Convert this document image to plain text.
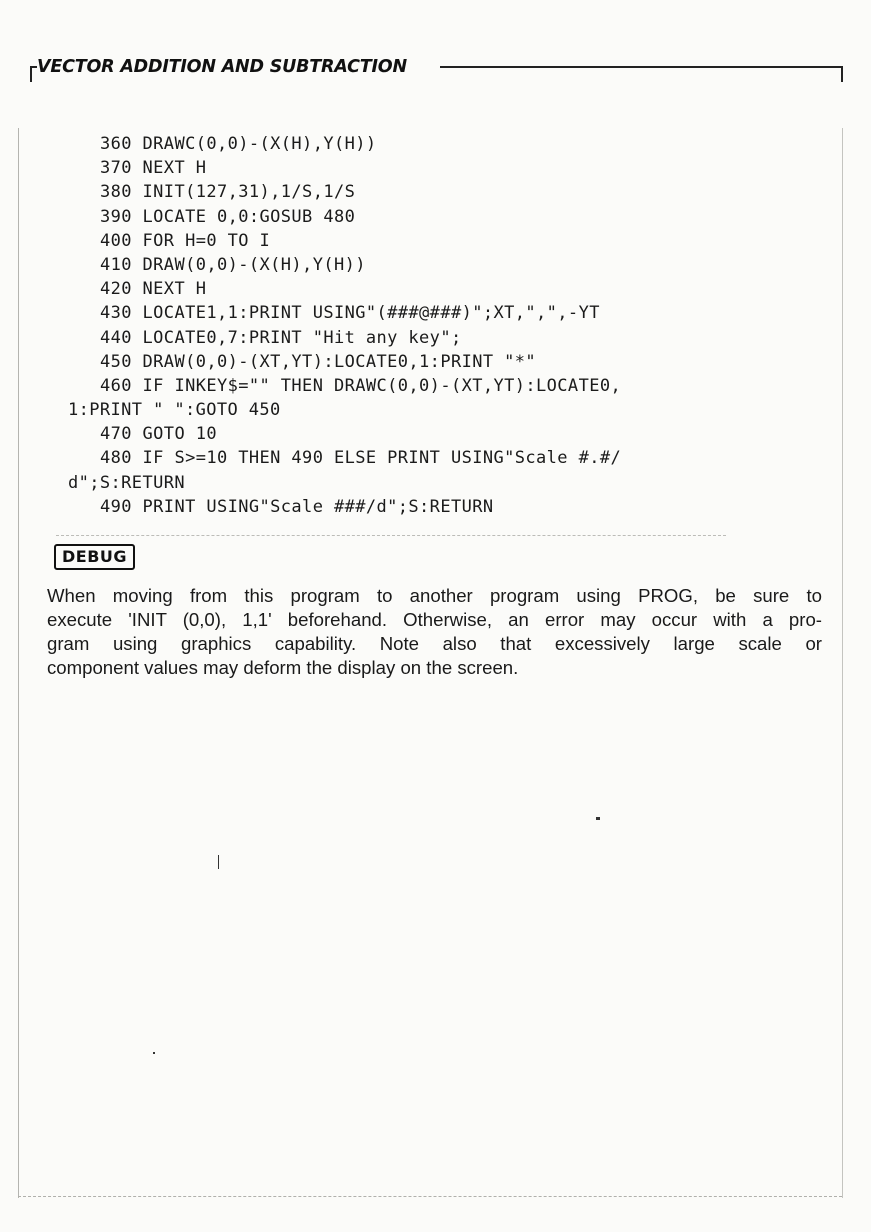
VECTOR ADDITION AND SUBTRACTION
360 DRAWC(0,0)-(X(H),Y(H))
370 NEXT H
380 INIT(127,31),1/S,1/S
390 LOCATE 0,0:GOSUB 480
400 FOR H=0 TO I
410 DRAW(0,0)-(X(H),Y(H))
420 NEXT H
430 LOCATE1,1:PRINT USING"(###@###)";XT,",",-YT
440 LOCATE0,7:PRINT "Hit any key";
450 DRAW(0,0)-(XT,YT):LOCATE0,1:PRINT "*"
460 IF INKEY$="" THEN DRAWC(0,0)-(XT,YT):LOCATE0,
1:PRINT " ":GOTO 450
470 GOTO 10
480 IF S>=10 THEN 490 ELSE PRINT USING"Scale #.#/
d";S:RETURN
490 PRINT USING"Scale ###/d";S:RETURN
DEBUG
When moving from this program to another program using PROG, be sure to
execute 'INIT (0,0), 1,1' beforehand. Otherwise, an error may occur with a pro-
gram using graphics capability. Note also that excessively large scale or
component values may deform the display on the screen.
